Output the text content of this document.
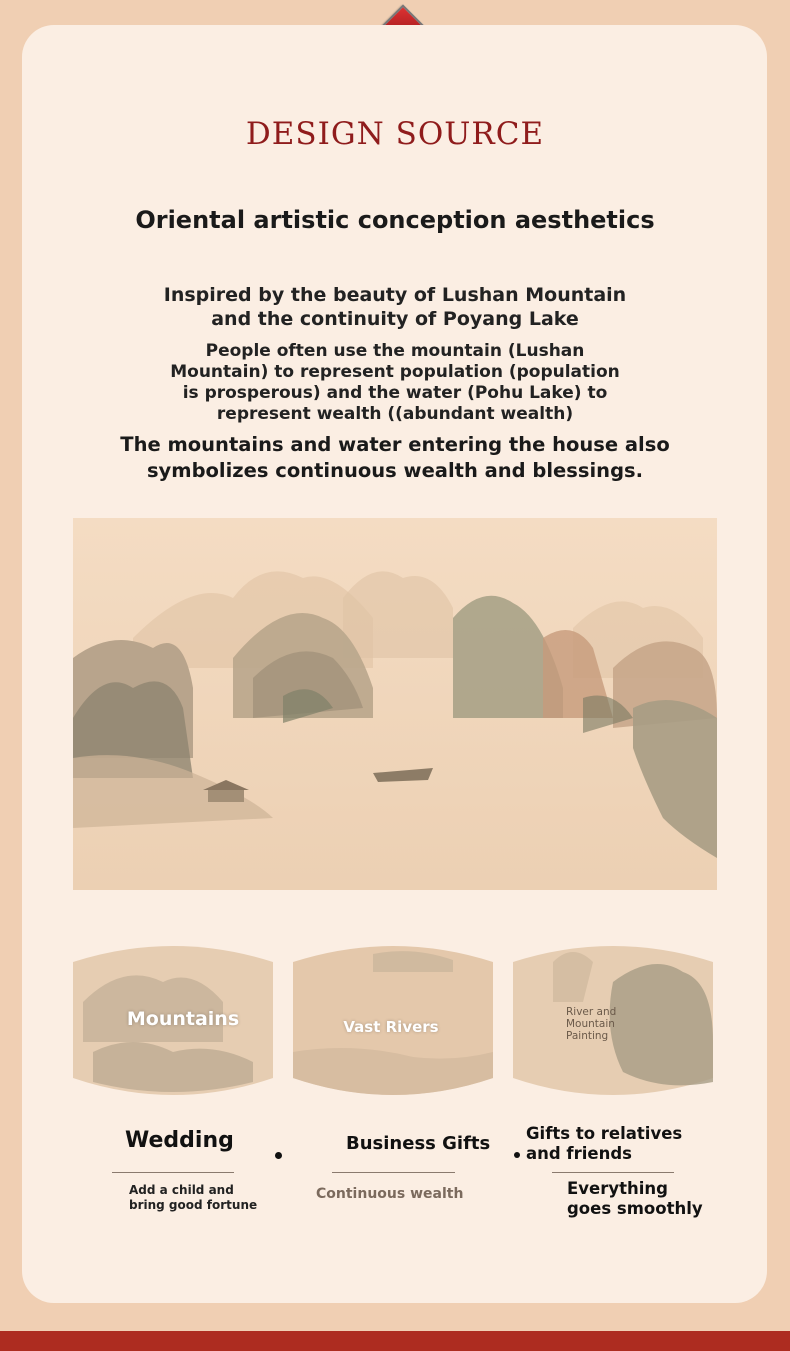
DESIGN SOURCE
Oriental artistic conception aesthetics
Inspired by the beauty of Lushan Mountain
and the continuity of Poyang Lake
People often use the mountain (Lushan
Mountain) to represent population (population
is prosperous) and the water (Pohu Lake) to
represent wealth ((abundant wealth)
The mountains and water entering the house also
symbolizes continuous wealth and blessings.
Mountains	Vast Rivers
River and
Mountain
Painting
Wedding
Add a child and
bring good fortune
Business Gifts
Continuous wealth
Gifts to relatives
and friends
Everything
goes smoothly
